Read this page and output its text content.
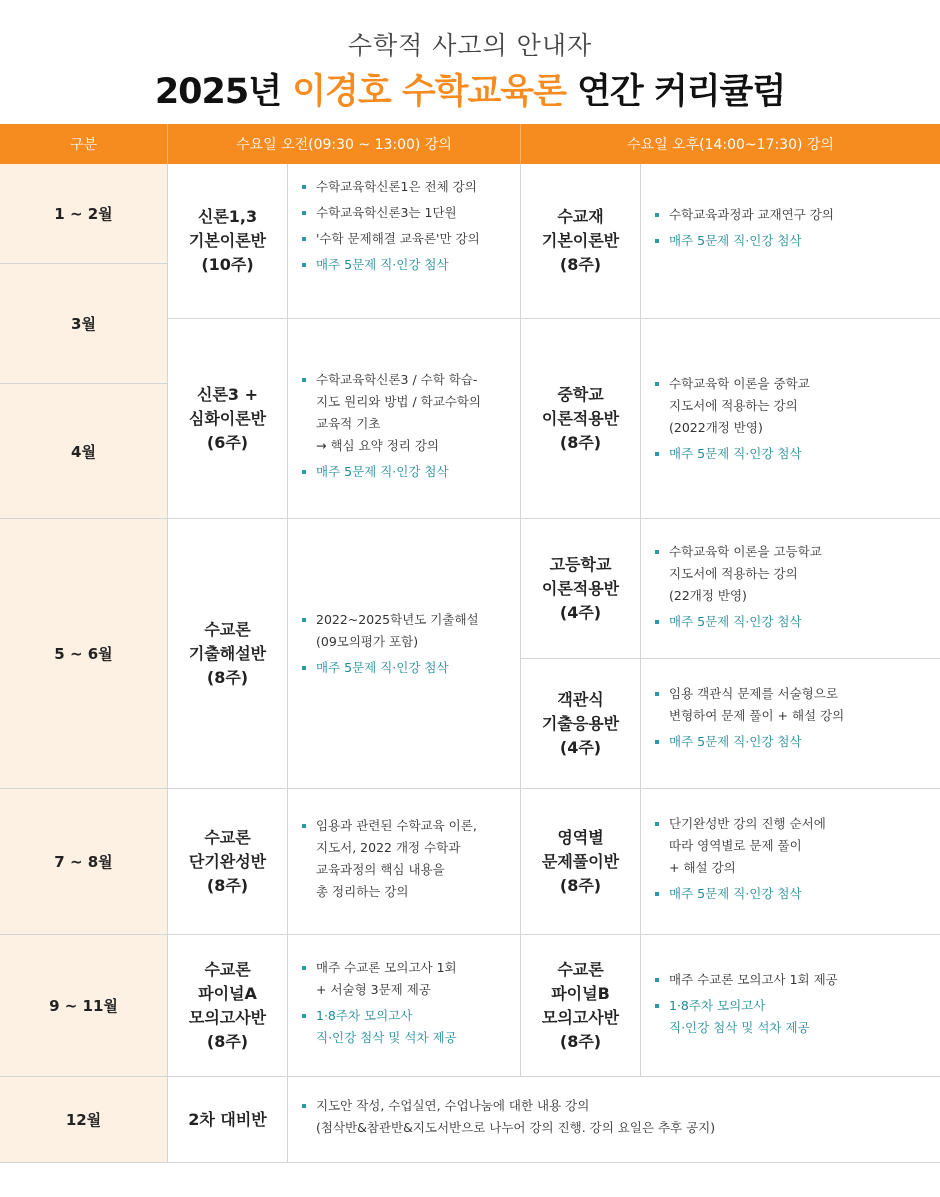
수학적 사고의 안내자
2025년 이경호 수학교육론 연간 커리큘럼
구분	수요일 오전(09:30 ~ 13:00) 강의	수요일 오후(14:00~17:30) 강의
1 ~ 2월
3월
4월
5 ~ 6월
7 ~ 8월
9 ~ 11월
12월
신론1,3
기본이론반
(10주)
신론3 +
심화이론반
(6주)
수교론
기출해설반
(8주)
수교론
단기완성반
(8주)
수교론
파이널A
모의고사반
(8주)
2차 대비반
수학교육학신론1은 전체 강의
수학교육학신론3는 1단원
'수학 문제해결 교육론'만 강의
매주 5문제 직·인강 첨삭
수학교육학신론3 / 수학 학습-
지도 원리와 방법 / 학교수학의
교육적 기초
→ 핵심 요약 정리 강의
매주 5문제 직·인강 첨삭
2022~2025학년도 기출해설
(09모의평가 포함)
매주 5문제 직·인강 첨삭
임용과 관련된 수학교육 이론,
지도서, 2022 개정 수학과
교육과정의 핵심 내용을
총 정리하는 강의
매주 수교론 모의고사 1회
+ 서술형 3문제 제공
1·8주차 모의고사
직·인강 첨삭 및 석차 제공
지도안 작성, 수업실연, 수업나눔에 대한 내용 강의
(첨삭반&참관반&지도서반으로 나누어 강의 진행. 강의 요일은 추후 공지)
수교재
기본이론반
(8주)
중학교
이론적용반
(8주)
고등학교
이론적용반
(4주)
객관식
기출응용반
(4주)
영역별
문제풀이반
(8주)
수교론
파이널B
모의고사반
(8주)
수학교육과정과 교재연구 강의
매주 5문제 직·인강 첨삭
수학교육학 이론을 중학교
지도서에 적용하는 강의
(2022개정 반영)
매주 5문제 직·인강 첨삭
수학교육학 이론을 고등학교
지도서에 적용하는 강의
(22개정 반영)
매주 5문제 직·인강 첨삭
임용 객관식 문제를 서술형으로
변형하여 문제 풀이 + 해설 강의
매주 5문제 직·인강 첨삭
단기완성반 강의 진행 순서에
따라 영역별로 문제 풀이
+ 해설 강의
매주 5문제 직·인강 첨삭
매주 수교론 모의고사 1회 제공
1·8주차 모의고사
직·인강 첨삭 및 석차 제공
